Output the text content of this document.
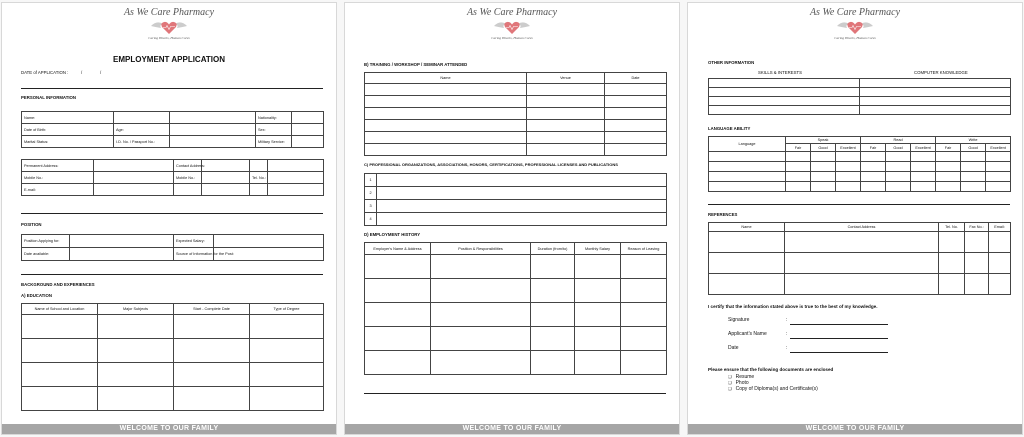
As We Care Pharmacy
Caring Hearts, Human Cures
EMPLOYMENT APPLICATION
DATE of APPLICATION :	/	/
PERSONAL INFORMATION
Name:			Nationality:	
Date of Birth:	Age:		Sex:	
Marital Status:	I.D. No. / Passport No.:		Military Service:	
Permanent Address:		Contact Address:			
Mobile No.:		Mobile No.:		Tel. No.:	
E-mail:					
POSITION
Position Applying for:		Expected Salary:	
Date available:		Source of Information for the Post:	
BACKGROUND AND EXPERIENCES
A) EDUCATION
Name of School and Location	Major Subjects	Start - Complete Date	Type of Degree

WELCOME TO OUR FAMILY
As We Care Pharmacy
Caring Hearts, Human Cures
B) TRAINING / WORKSHOP / SEMINAR ATTENDED
Name	Venue	Date

C) PROFESSIONAL ORGANIZATIONS, ASSOCIATIONS, HONORS, CERTIFICATIONS, PROFESSIONAL LICENSES AND PUBLICATIONS
1	
2	
3	
4	
D) EMPLOYMENT HISTORY
Employer's Name & Address	Position & Responsibilities	Duration (from/to)	Monthly Salary	Reason of Leaving

WELCOME TO OUR FAMILY
As We Care Pharmacy
Caring Hearts, Human Cures
OTHER INFORMATION
SKILLS & INTERESTS	COMPUTER KNOWLEDGE

LANGUAGE ABILITY
Language	Speak			Read			Write		
	Fair	Good	Excellent	Fair	Good	Excellent	Fair	Good	Excellent

REFERENCES
Name	Contact Address	Tel. No.	Fax No.:	Email:

I certify that the information stated above is true to the best of my knowledge.
Signature	:
Applicant's Name	:
Date	:
Please ensure that the following documents are enclosed
❏ Resume
❏ Photo
❏ Copy of Diploma(s) and Certificate(s)
WELCOME TO OUR FAMILY
